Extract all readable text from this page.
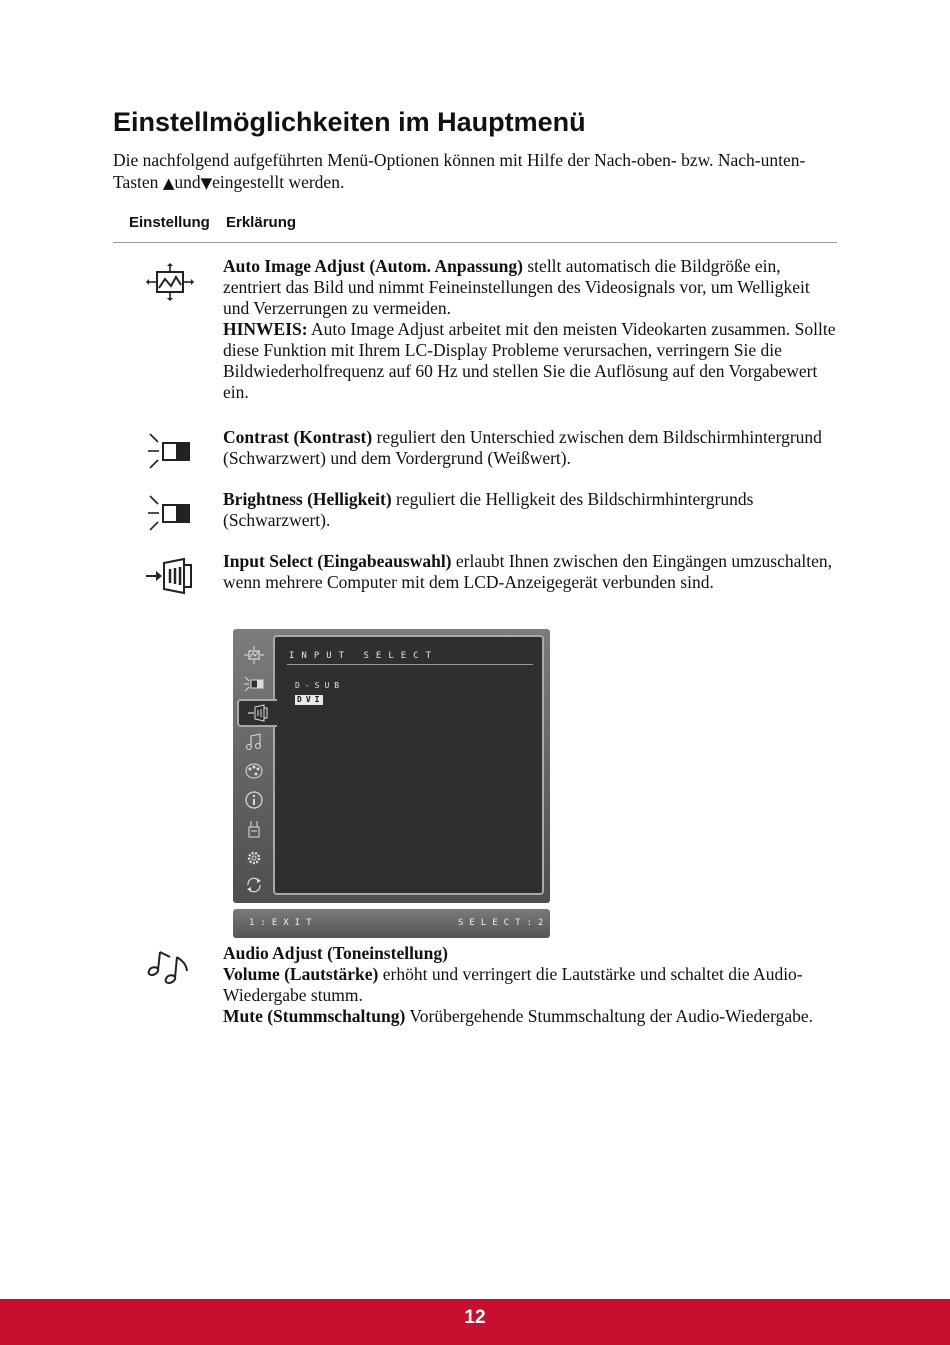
Einstellmöglichkeiten im Hauptmenü
Die nachfolgend aufgeführten Menü-Optionen können mit Hilfe der Nach-oben- bzw. Nach-unten-Tasten ▲und▼eingestellt werden.
Einstellung Erklärung
Auto Image Adjust (Autom. Anpassung) stellt automatisch die Bildgröße ein, zentriert das Bild und nimmt Feineinstellungen des Videosignals vor, um Welligkeit und Verzerrungen zu vermeiden.
HINWEIS: Auto Image Adjust arbeitet mit den meisten Videokarten zusammen. Sollte diese Funktion mit Ihrem LC-Display Probleme verursachen, verringern Sie die Bildwiederholfrequenz auf 60 Hz und stellen Sie die Auflösung auf den Vorgabewert ein.
Contrast (Kontrast) reguliert den Unterschied zwischen dem Bildschirmhintergrund (Schwarzwert) und dem Vordergrund (Weißwert).
Brightness (Helligkeit) reguliert die Helligkeit des Bildschirmhintergrunds (Schwarzwert).
Input Select (Eingabeauswahl) erlaubt Ihnen zwischen den Eingängen umzuschalten, wenn mehrere Computer mit dem LCD-Anzeigegerät verbunden sind.
INPUT SELECT
D-SUB
DVI
1:EXIT	SELECT:2
Audio Adjust (Toneinstellung)
Volume (Lautstärke) erhöht und verringert die Lautstärke und schaltet die Audio-Wiedergabe stumm.
Mute (Stummschaltung) Vorübergehende Stummschaltung der Audio-Wiedergabe.
12
